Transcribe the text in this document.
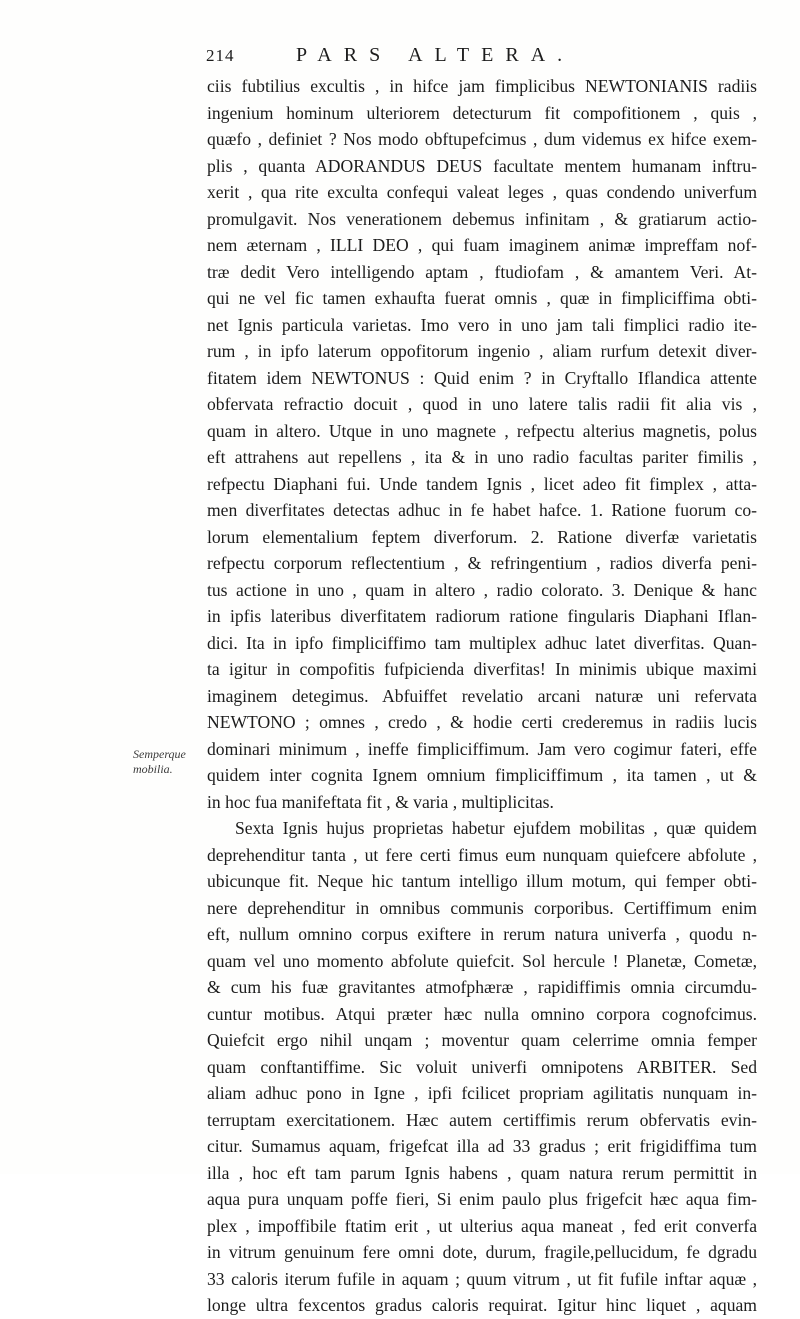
214	PARS ALTERA.
Semperque
mobilia.
ciis fubtilius excultis , in hifce jam fimplicibus NEWTONIANIS radiis
ingenium hominum ulteriorem detecturum fit compofitionem , quis ,
quæfo , definiet ? Nos modo obftupefcimus , dum videmus ex hifce exem-
plis , quanta ADORANDUS DEUS facultate mentem humanam inftru-
xerit , qua rite exculta confequi valeat leges , quas condendo univerfum
promulgavit. Nos venerationem debemus infinitam , & gratiarum actio-
nem æternam , ILLI DEO , qui fuam imaginem animæ impreffam nof-
træ dedit Vero intelligendo aptam , ftudiofam , & amantem Veri. At-
qui ne vel fic tamen exhaufta fuerat omnis , quæ in fimpliciffima obti-
net Ignis particula varietas. Imo vero in uno jam tali fimplici radio ite-
rum , in ipfo laterum oppofitorum ingenio , aliam rurfum detexit diver-
fitatem idem NEWTONUS : Quid enim ? in Cryftallo Iflandica attente
obfervata refractio docuit , quod in uno latere talis radii fit alia vis ,
quam in altero. Utque in uno magnete , refpectu alterius magnetis, polus
eft attrahens aut repellens , ita & in uno radio facultas pariter fimilis ,
refpectu Diaphani fui. Unde tandem Ignis , licet adeo fit fimplex , atta-
men diverfitates detectas adhuc in fe habet hafce. 1. Ratione fuorum co-
lorum elementalium feptem diverforum. 2. Ratione diverfæ varietatis
refpectu corporum reflectentium , & refringentium , radios diverfa peni-
tus actione in uno , quam in altero , radio colorato. 3. Denique & hanc
in ipfis lateribus diverfitatem radiorum ratione fingularis Diaphani Iflan-
dici. Ita in ipfo fimpliciffimo tam multiplex adhuc latet diverfitas. Quan-
ta igitur in compofitis fufpicienda diverfitas! In minimis ubique maximi
imaginem detegimus. Abfuiffet revelatio arcani naturæ uni refervata
NEWTONO ; omnes , credo , & hodie certi crederemus in radiis lucis
dominari minimum , ineffe fimpliciffimum. Jam vero cogimur fateri, effe
quidem inter cognita Ignem omnium fimpliciffimum , ita tamen , ut &
in hoc fua manifeftata fit , & varia , multiplicitas.
Sexta Ignis hujus proprietas habetur ejufdem mobilitas , quæ quidem
deprehenditur tanta , ut fere certi fimus eum nunquam quiefcere abfolute ,
ubicunque fit. Neque hic tantum intelligo illum motum, qui femper obti-
nere deprehenditur in omnibus communis corporibus. Certiffimum enim
eft, nullum omnino corpus exiftere in rerum natura univerfa , quodu n-
quam vel uno momento abfolute quiefcit. Sol hercule ! Planetæ, Cometæ,
& cum his fuæ gravitantes atmofphæræ , rapidiffimis omnia circumdu-
cuntur motibus. Atqui præter hæc nulla omnino corpora cognofcimus.
Quiefcit ergo nihil unqam ; moventur quam celerrime omnia femper
quam conftantiffime. Sic voluit univerfi omnipotens ARBITER. Sed
aliam adhuc pono in Igne , ipfi fcilicet propriam agilitatis nunquam in-
terruptam exercitationem. Hæc autem certiffimis rerum obfervatis evin-
citur. Sumamus aquam, frigefcat illa ad 33 gradus ; erit frigidiffima tum
illa , hoc eft tam parum Ignis habens , quam natura rerum permittit in
aqua pura unquam poffe fieri, Si enim paulo plus frigefcit hæc aqua fim-
plex , impoffibile ftatim erit , ut ulterius aqua maneat , fed erit converfa
in vitrum genuinum fere omni dote, durum, fragile,pellucidum, fe dgradu
33 caloris iterum fufile in aquam ; quum vitrum , ut fit fufile inftar aquæ ,
longe ultra fexcentos gradus caloris requirat. Igitur hinc liquet , aquam
